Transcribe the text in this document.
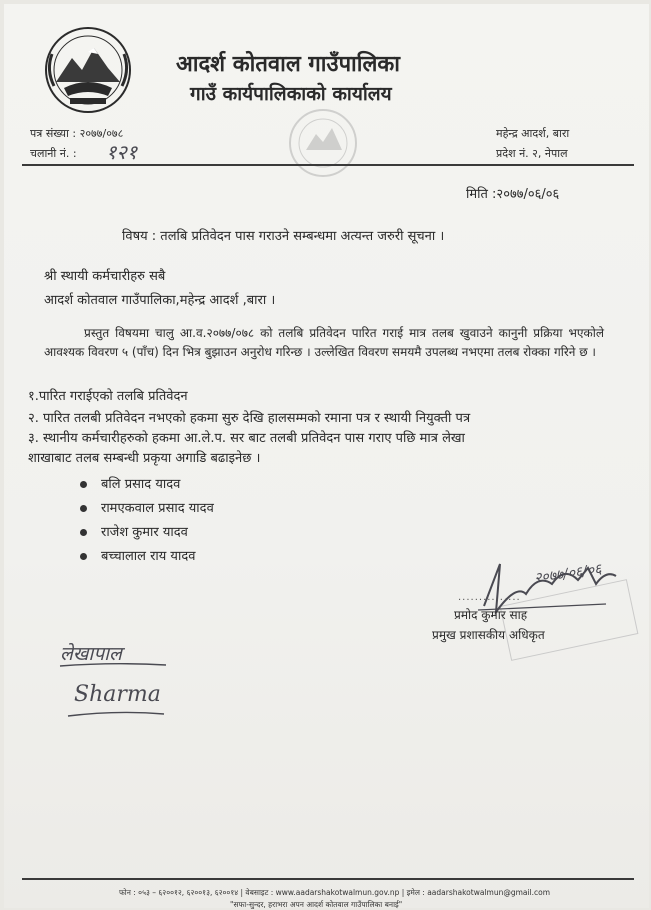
आदर्श कोतवाल गाउँपालिका
गाउँ कार्यपालिकाको कार्यालय
पत्र संख्या : २०७७/०७८
चलानी नं. : १२१
महेन्द्र आदर्श, बारा
प्रदेश नं. २, नेपाल
मिति :२०७७/०६/०६
विषय : तलबि प्रतिवेदन पास गराउने सम्बन्धमा अत्यन्त जरुरी सूचना ।
श्री स्थायी कर्मचारीहरु सबै
आदर्श कोतवाल गाउँपालिका,महेन्द्र आदर्श ,बारा ।
प्रस्तुत विषयमा चालु आ.व.२०७७/०७८ को तलबि प्रतिवेदन पारित गराई मात्र तलब खुवाउने कानुनी प्रक्रिया भएकोले आवश्यक विवरण ५ (पाँच) दिन भित्र बुझाउन अनुरोध गरिन्छ । उल्लेखित विवरण समयमै उपलब्ध नभएमा तलब रोक्का गरिने छ ।
१.पारित गराईएको तलबि प्रतिवेदन
२. पारित तलबी प्रतिवेदन नभएको हकमा सुरु देखि हालसम्मको रमाना पत्र र स्थायी नियुक्ती पत्र
३. स्थानीय कर्मचारीहरुको हकमा आ.ले.प. सर बाट तलबी प्रतिवेदन पास गराए पछि मात्र लेखा
शाखाबाट तलब सम्बन्धी प्रकृया अगाडि बढाइनेछ ।
बलि प्रसाद यादव
रामएकवाल प्रसाद यादव
राजेश कुमार यादव
बच्चालाल राय यादव
२०७७/०६/०६
...............
प्रमोद कुमार साह
प्रमुख प्रशासकीय अधिकृत
लेखापाल
Sharma
फोन : ०५३ – ६२००१२, ६२००१३, ६२००१४ | वेबसाइट : www.aadarshakotwalmun.gov.np | इमेल : aadarshakotwalmun@gmail.com
"सफा-सुन्दर, हराभरा अपन आदर्श कोतवाल गाउँपालिका बनाई"
